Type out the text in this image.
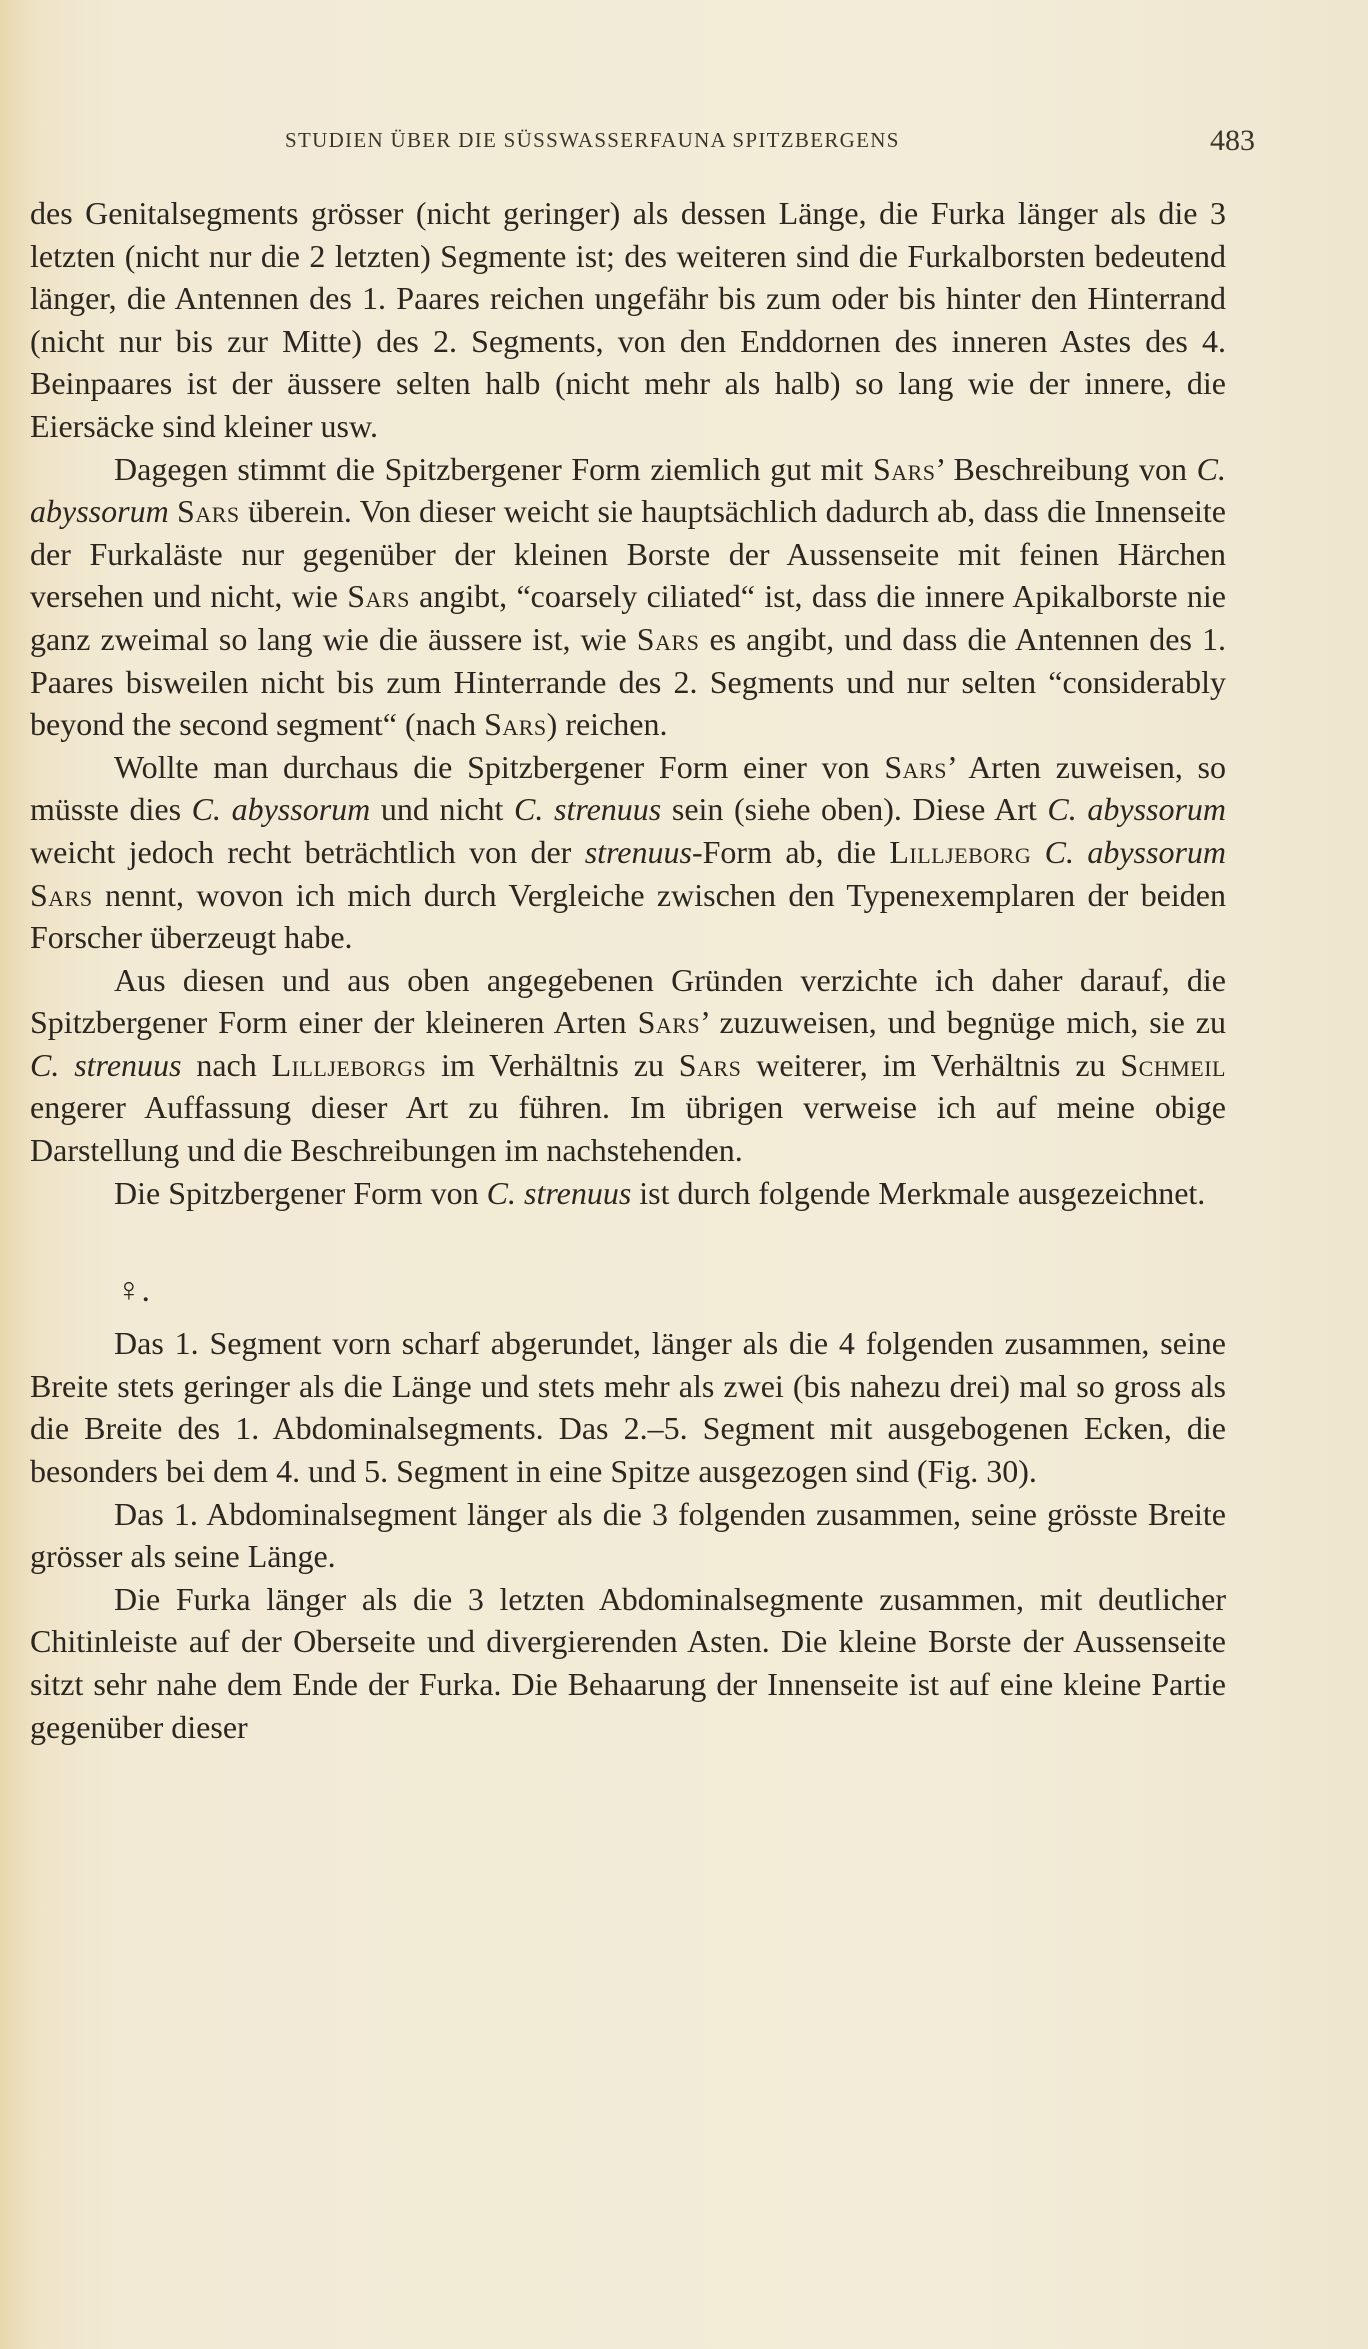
STUDIEN ÜBER DIE SÜSSWASSERFAUNA SPITZBERGENS	483

des Genitalsegments grösser (nicht geringer) als dessen Länge, die Furka länger als die 3 letzten (nicht nur die 2 letzten) Segmente ist; des weiteren sind die Furkalborsten bedeutend länger, die Antennen des 1. Paares reichen ungefähr bis zum oder bis hinter den Hinterrand (nicht nur bis zur Mitte) des 2. Segments, von den Enddornen des inneren Astes des 4. Beinpaares ist der äussere selten halb (nicht mehr als halb) so lang wie der innere, die Eiersäcke sind kleiner usw.

Dagegen stimmt die Spitzbergener Form ziemlich gut mit Sars’ Beschreibung von C. abyssorum Sars überein. Von dieser weicht sie hauptsächlich dadurch ab, dass die Innenseite der Furkaläste nur gegenüber der kleinen Borste der Aussenseite mit feinen Härchen versehen und nicht, wie Sars angibt, “coarsely ciliated“ ist, dass die innere Apikalborste nie ganz zweimal so lang wie die äussere ist, wie Sars es angibt, und dass die Antennen des 1. Paares bisweilen nicht bis zum Hinterrande des 2. Segments und nur selten “considerably beyond the second segment“ (nach Sars) reichen.

Wollte man durchaus die Spitzbergener Form einer von Sars’ Arten zuweisen, so müsste dies C. abyssorum und nicht C. strenuus sein (siehe oben). Diese Art C. abyssorum weicht jedoch recht beträchtlich von der strenuus-Form ab, die Lilljeborg C. abyssorum Sars nennt, wovon ich mich durch Vergleiche zwischen den Typenexemplaren der beiden Forscher überzeugt habe.

Aus diesen und aus oben angegebenen Gründen verzichte ich daher darauf, die Spitzbergener Form einer der kleineren Arten Sars’ zuzuweisen, und begnüge mich, sie zu C. strenuus nach Lilljeborgs im Verhältnis zu Sars weiterer, im Verhältnis zu Schmeil engerer Auffassung dieser Art zu führen. Im übrigen verweise ich auf meine obige Darstellung und die Beschreibungen im nachstehenden.

Die Spitzbergener Form von C. strenuus ist durch folgende Merkmale ausgezeichnet.

♀.

Das 1. Segment vorn scharf abgerundet, länger als die 4 folgenden zusammen, seine Breite stets geringer als die Länge und stets mehr als zwei (bis nahezu drei) mal so gross als die Breite des 1. Abdominalsegments. Das 2.–5. Segment mit ausgebogenen Ecken, die besonders bei dem 4. und 5. Segment in eine Spitze ausgezogen sind (Fig. 30).

Das 1. Abdominalsegment länger als die 3 folgenden zusammen, seine grösste Breite grösser als seine Länge.

Die Furka länger als die 3 letzten Abdominalsegmente zusammen, mit deutlicher Chitinleiste auf der Oberseite und divergierenden Asten. Die kleine Borste der Aussenseite sitzt sehr nahe dem Ende der Furka. Die Behaarung der Innenseite ist auf eine kleine Partie gegenüber dieser
